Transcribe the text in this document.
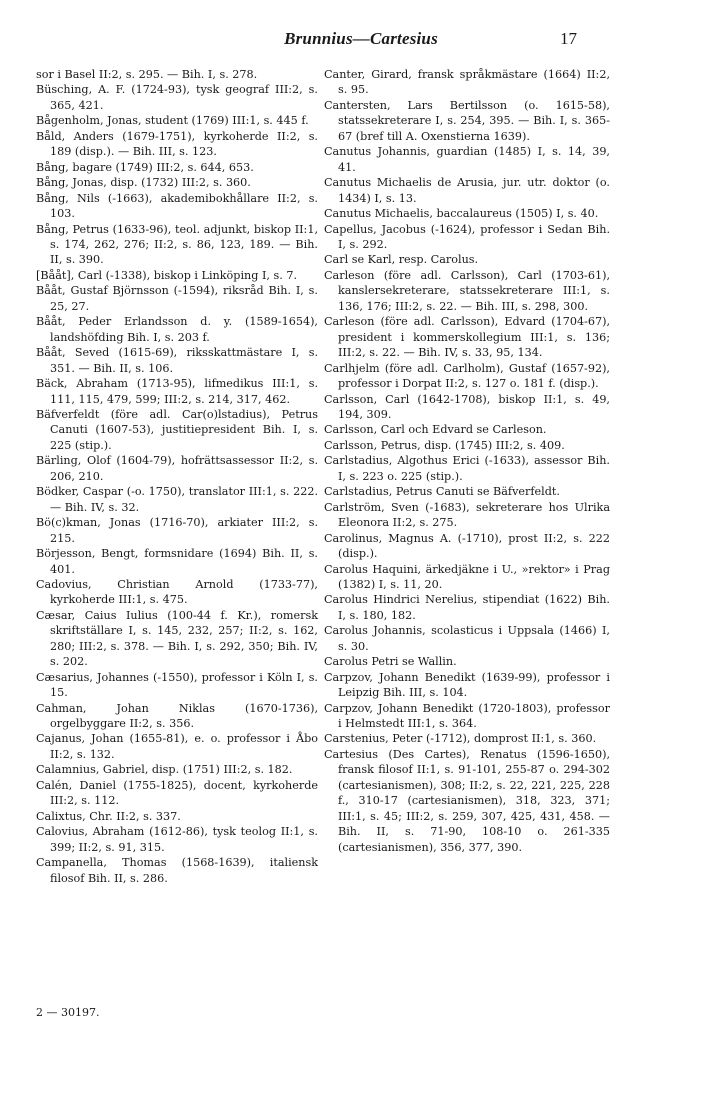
Brunnius—Cartesius	17

sor i Basel II:2, s. 295. — Bih. I, s. 278.

Büsching, A. F. (1724-93), tysk geograf III:2, s. 365, 421.

Bågenholm, Jonas, student (1769) III:1, s. 445 f.

Båld, Anders (1679-1751), kyrkoherde II:2, s. 189 (disp.). — Bih. III, s. 123.

Bång, bagare (1749) III:2, s. 644, 653.

Bång, Jonas, disp. (1732) III:2, s. 360.

Bång, Nils (-1663), akademibokhållare II:2, s. 103.

Bång, Petrus (1633-96), teol. adjunkt, biskop II:1, s. 174, 262, 276; II:2, s. 86, 123, 189. — Bih. II, s. 390.

[Bååt], Carl (-1338), biskop i Linköping I, s. 7.

Bååt, Gustaf Björnsson (-1594), riksråd Bih. I, s. 25, 27.

Bååt, Peder Erlandsson d. y. (1589-1654), landshöfding Bih. I, s. 203 f.

Bååt, Seved (1615-69), riksskattmästare I, s. 351. — Bih. II, s. 106.

Bäck, Abraham (1713-95), lifmedikus III:1, s. 111, 115, 479, 599; III:2, s. 214, 317, 462.

Bäfverfeldt (före adl. Car(o)lstadius), Petrus Canuti (1607-53), justitiepresident Bih. I, s. 225 (stip.).

Bärling, Olof (1604-79), hofrättsassessor II:2, s. 206, 210.

Bödker, Caspar (-o. 1750), translator III:1, s. 222. — Bih. IV, s. 32.

Bö(c)kman, Jonas (1716-70), arkiater III:2, s. 215.

Börjesson, Bengt, formsnidare (1694) Bih. II, s. 401.

Cadovius, Christian Arnold (1733-77), kyrkoherde III:1, s. 475.

Cæsar, Caius Iulius (100-44 f. Kr.), romersk skriftställare I, s. 145, 232, 257; II:2, s. 162, 280; III:2, s. 378. — Bih. I, s. 292, 350; Bih. IV, s. 202.

Cæsarius, Johannes (-1550), professor i Köln I, s. 15.

Cahman, Johan Niklas (1670-1736), orgelbyggare II:2, s. 356.

Cajanus, Johan (1655-81), e. o. professor i Åbo II:2, s. 132.

Calamnius, Gabriel, disp. (1751) III:2, s. 182.

Calén, Daniel (1755-1825), docent, kyrkoherde III:2, s. 112.

Calixtus, Chr. II:2, s. 337.

Calovius, Abraham (1612-86), tysk teolog II:1, s. 399; II:2, s. 91, 315.

Campanella, Thomas (1568-1639), italiensk filosof Bih. II, s. 286.

Canter, Girard, fransk språkmästare (1664) II:2, s. 95.

Cantersten, Lars Bertilsson (o. 1615-58), statssekreterare I, s. 254, 395. — Bih. I, s. 365-67 (bref till A. Oxenstierna 1639).

Canutus Johannis, guardian (1485) I, s. 14, 39, 41.

Canutus Michaelis de Arusia, jur. utr. doktor (o. 1434) I, s. 13.

Canutus Michaelis, baccalaureus (1505) I, s. 40.

Capellus, Jacobus (-1624), professor i Sedan Bih. I, s. 292.

Carl se Karl, resp. Carolus.

Carleson (före adl. Carlsson), Carl (1703-61), kanslersekreterare, statssekreterare III:1, s. 136, 176; III:2, s. 22. — Bih. III, s. 298, 300.

Carleson (före adl. Carlsson), Edvard (1704-67), president i kommerskollegium III:1, s. 136; III:2, s. 22. — Bih. IV, s. 33, 95, 134.

Carlhjelm (före adl. Carlholm), Gustaf (1657-92), professor i Dorpat II:2, s. 127 o. 181 f. (disp.).

Carlsson, Carl (1642-1708), biskop II:1, s. 49, 194, 309.

Carlsson, Carl och Edvard se Carleson.

Carlsson, Petrus, disp. (1745) III:2, s. 409.

Carlstadius, Algothus Erici (-1633), assessor Bih. I, s. 223 o. 225 (stip.).

Carlstadius, Petrus Canuti se Bäfverfeldt.

Carlström, Sven (-1683), sekreterare hos Ulrika Eleonora II:2, s. 275.

Carolinus, Magnus A. (-1710), prost II:2, s. 222 (disp.).

Carolus Haquini, ärkedjäkne i U., »rektor» i Prag (1382) I, s. 11, 20.

Carolus Hindrici Nerelius, stipendiat (1622) Bih. I, s. 180, 182.

Carolus Johannis, scolasticus i Uppsala (1466) I, s. 30.

Carolus Petri se Wallin.

Carpzov, Johann Benedikt (1639-99), professor i Leipzig Bih. III, s. 104.

Carpzov, Johann Benedikt (1720-1803), professor i Helmstedt III:1, s. 364.

Carstenius, Peter (-1712), domprost II:1, s. 360.

Cartesius (Des Cartes), Renatus (1596-1650), fransk filosof II:1, s. 91-101, 255-87 o. 294-302 (cartesianismen), 308; II:2, s. 22, 221, 225, 228 f., 310-17 (cartesianismen), 318, 323, 371; III:1, s. 45; III:2, s. 259, 307, 425, 431, 458. — Bih. II, s. 71-90, 108-10 o. 261-335 (cartesianismen), 356, 377, 390.

2 — 30197.
